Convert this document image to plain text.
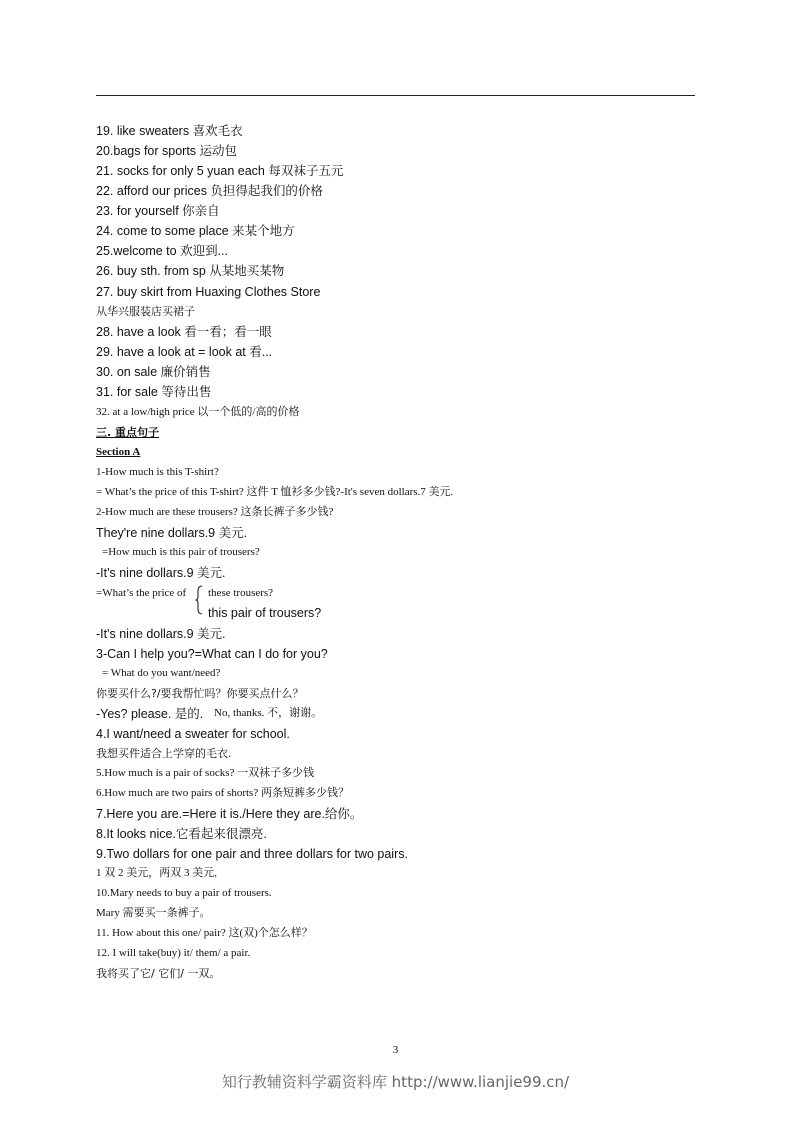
19. like sweaters 喜欢毛衣
20.bags for sports 运动包
21. socks for only 5 yuan each 每双袜子五元
22. afford our prices 负担得起我们的价格
23. for yourself 你亲自
24. come to some place 来某个地方
25.welcome to 欢迎到...
26. buy sth. from sp 从某地买某物
27. buy skirt from Huaxing Clothes Store
从华兴服装店买裙子
28. have a look 看一看；看一眼
29. have a look at = look at 看...
30. on sale 廉价销售
31. for sale 等待出售
32. at a low/high price 以一个低的/高的价格
三. 重点句子
Section A
1-How much is this T-shirt?
= What’s the price of this T-shirt? 这件 T 恤衫多少钱?-It's seven dollars.7 美元.
2-How much are these trousers? 这条长裤子多少钱?
They're nine dollars.9 美元.
=How much is this pair of trousers?
-It's nine dollars.9 美元.
=What’s the price of these trousers?
this pair of trousers?
-It's nine dollars.9 美元.
3-Can I help you?=What can I do for you?
= What do you want/need?
你要买什么?/要我帮忙吗？你要买点什么？
-Yes? please. 是的. No, thanks. 不，谢谢。
4.I want/need a sweater for school.
我想买件适合上学穿的毛衣.
5.How much is a pair of socks? 一双袜子多少钱
6.How much are two pairs of shorts? 两条短裤多少钱？
7.Here you are.=Here it is./Here they are.给你。
8.It looks nice.它看起来很漂亮.
9.Two dollars for one pair and three dollars for two pairs.
1 双 2 美元，两双 3 美元,
10.Mary needs to buy a pair of trousers.
Mary 需要买一条裤子。
11. How about this one/ pair? 这(双)个怎么样？
12. I will take(buy) it/ them/ a pair.
我将买了它/ 它们/ 一双。
3
知行教辅资料学霸资料库 http://www.lianjie99.cn/
